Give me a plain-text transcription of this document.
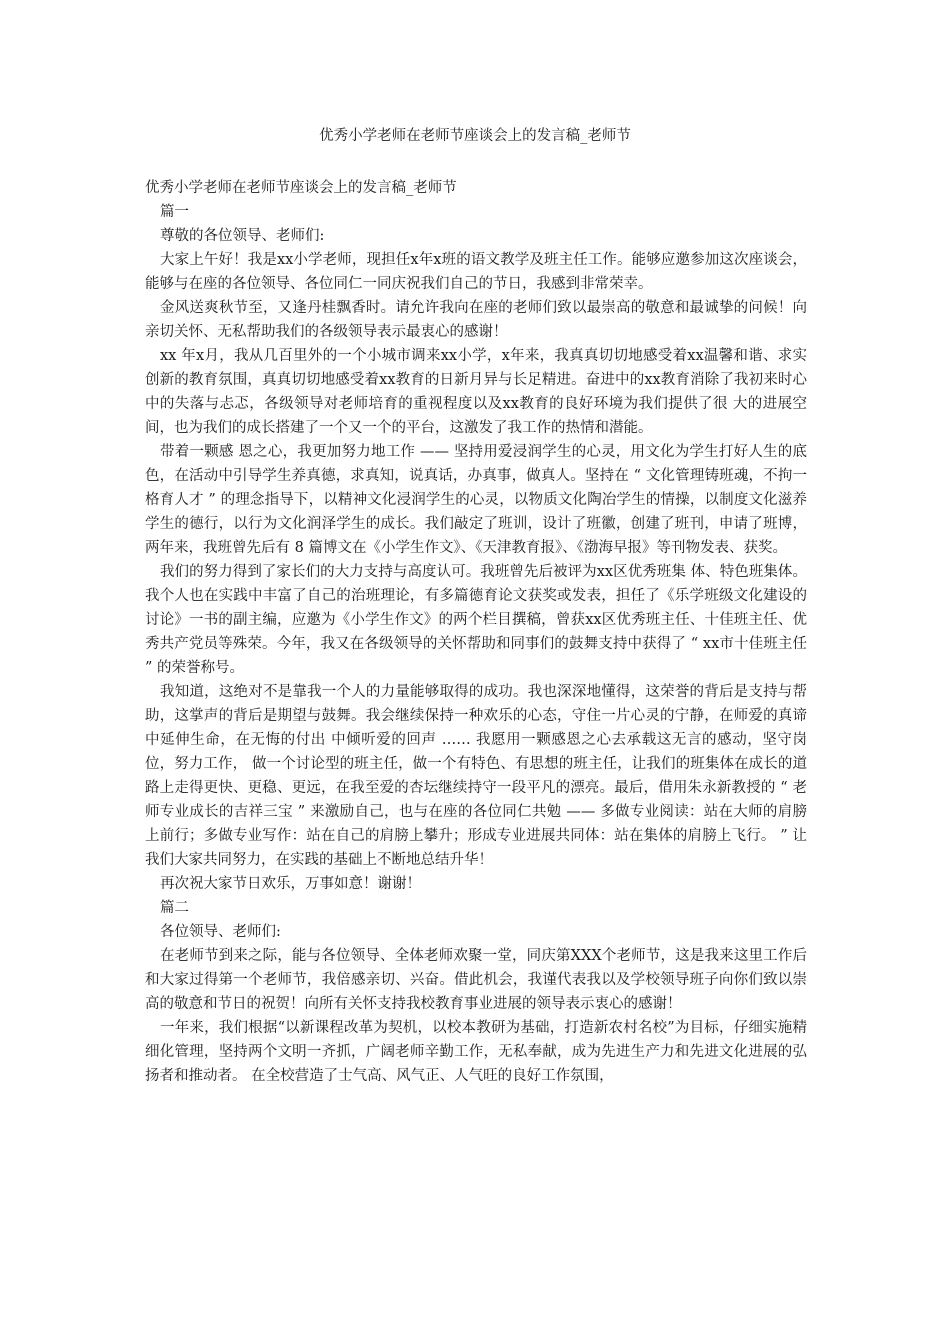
优秀小学老师在老师节座谈会上的发言稿_老师节

优秀小学老师在老师节座谈会上的发言稿_老师节

篇一

尊敬的各位领导、老师们:

大家上午好！我是xx小学老师，现担任x年x班的语文教学及班主任工作。能够应邀参加这次座谈会，能够与在座的各位领导、各位同仁一同庆祝我们自己的节日，我感到非常荣幸。

金风送爽秋节至，又逢丹桂飘香时。请允许我向在座的老师们致以最崇高的敬意和最诚挚的问候！向亲切关怀、无私帮助我们的各级领导表示最衷心的感谢！

xx 年x月，我从几百里外的一个小城市调来xx小学，x年来，我真真切切地感受着xx温馨和谐、求实创新的教育氛围，真真切切地感受着xx教育的日新月异与长足精进。奋进中的xx教育消除了我初来时心中的失落与忐忑，各级领导对老师培育的重视程度以及xx教育的良好环境为我们提供了很 大的进展空间，也为我们的成长搭建了一个又一个的平台，这激发了我工作的热情和潜能。

带着一颗感 恩之心，我更加努力地工作 —— 坚持用爱浸润学生的心灵，用文化为学生打好人生的底色，在活动中引导学生养真德，求真知，说真话，办真事，做真人。坚持在 “ 文化管理铸班魂，不拘一格育人才 ” 的理念指导下，以精神文化浸润学生的心灵，以物质文化陶冶学生的情操，以制度文化滋养学生的德行，以行为文化润泽学生的成长。我们敲定了班训，设计了班徽，创建了班刊，申请了班博，两年来，我班曾先后有 8 篇博文在《小学生作文》、《天津教育报》、《渤海早报》等刊物发表、获奖。

我们的努力得到了家长们的大力支持与高度认可。我班曾先后被评为xx区优秀班集 体、特色班集体。我个人也在实践中丰富了自己的治班理论，有多篇德育论文获奖或发表，担任了《乐学班级文化建设的讨论》一书的副主编，应邀为《小学生作文》的两个栏目撰稿，曾获xx区优秀班主任、十佳班主任、优秀共产党员等殊荣。今年，我又在各级领导的关怀帮助和同事们的鼓舞支持中获得了 “ xx市十佳班主任 ” 的荣誉称号。

我知道，这绝对不是靠我一个人的力量能够取得的成功。我也深深地懂得，这荣誉的背后是支持与帮助，这掌声的背后是期望与鼓舞。我会继续保持一种欢乐的心态，守住一片心灵的宁静，在师爱的真谛中延伸生命，在无悔的付出 中倾听爱的回声 …… 我愿用一颗感恩之心去承载这无言的感动，坚守岗位，努力工作， 做一个讨论型的班主任，做一个有特色、有思想的班主任，让我们的班集体在成长的道路上走得更快、更稳、更远，在我至爱的杏坛继续持守一段平凡的漂亮。最后，借用朱永新教授的 “ 老师专业成长的吉祥三宝 ” 来激励自己，也与在座的各位同仁共勉 —— 多做专业阅读：站在大师的肩膀上前行；多做专业写作：站在自己的肩膀上攀升；形成专业进展共同体：站在集体的肩膀上飞行。 ” 让我们大家共同努力，在实践的基础上不断地总结升华！

再次祝大家节日欢乐，万事如意！谢谢！

篇二

各位领导、老师们:

在老师节到来之际，能与各位领导、全体老师欢聚一堂，同庆第XXX个老师节，这是我来这里工作后和大家过得第一个老师节，我倍感亲切、兴奋。借此机会，我谨代表我以及学校领导班子向你们致以崇高的敬意和节日的祝贺！向所有关怀支持我校教育事业进展的领导表示衷心的感谢！

一年来，我们根据“以新课程改革为契机，以校本教研为基础，打造新农村名校”为目标，仔细实施精细化管理，坚持两个文明一齐抓，广阔老师辛勤工作，无私奉献，成为先进生产力和先进文化进展的弘扬者和推动者。 在全校营造了士气高、风气正、人气旺的良好工作氛围，
